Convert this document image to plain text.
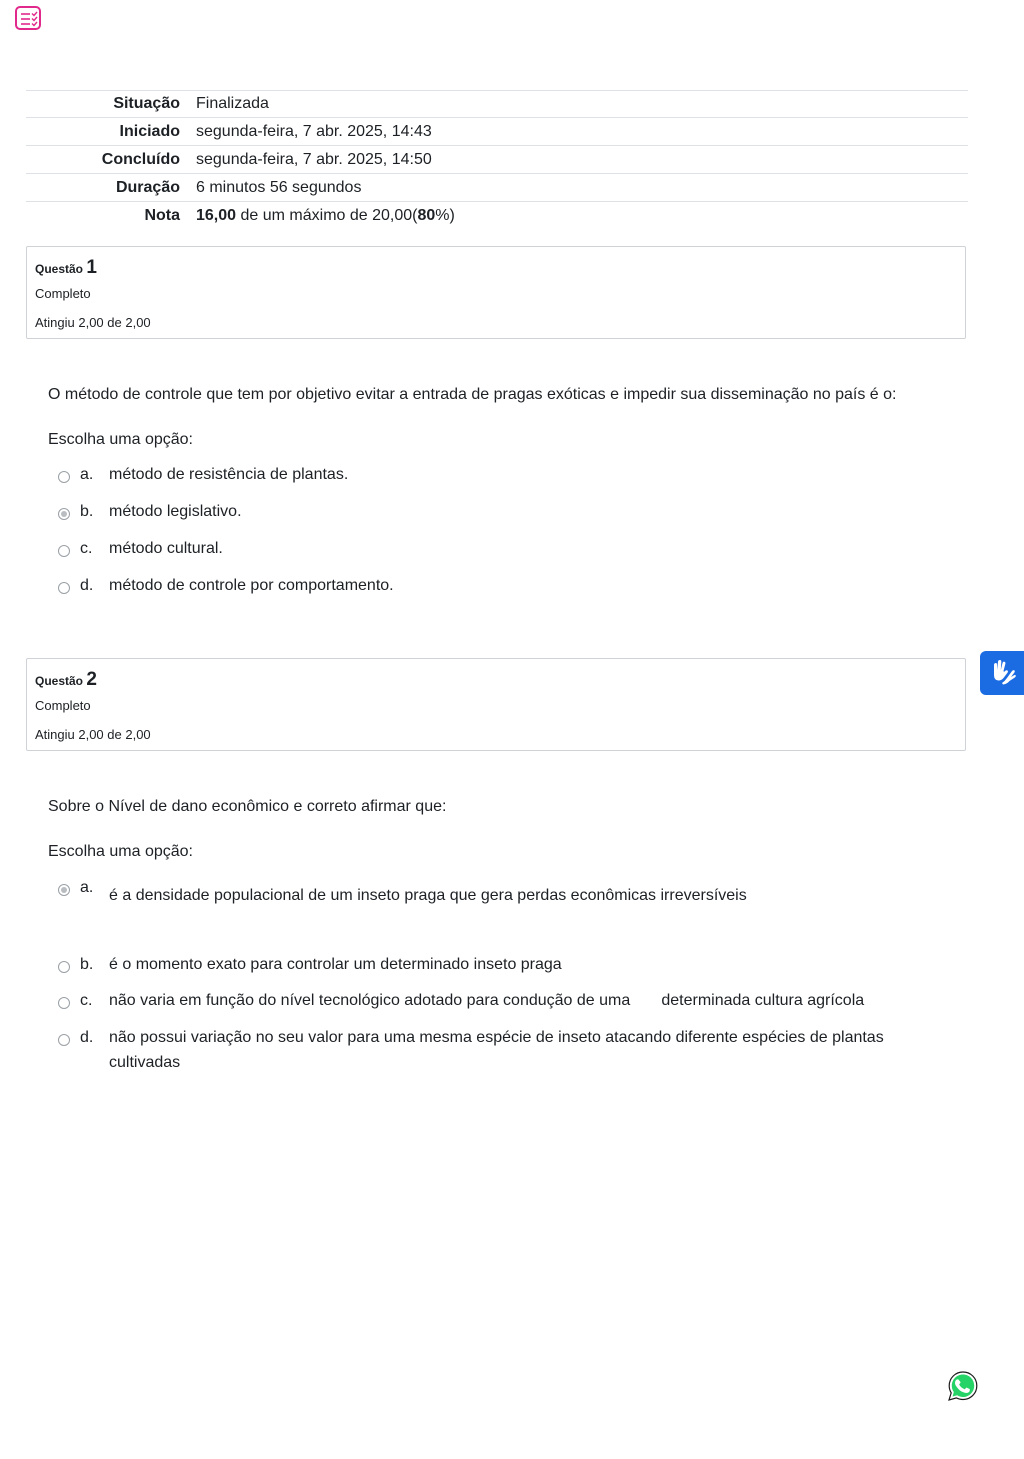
Situação	Finalizada
Iniciado	segunda-feira, 7 abr. 2025, 14:43
Concluído	segunda-feira, 7 abr. 2025, 14:50
Duração	6 minutos 56 segundos
Nota	16,00 de um máximo de 20,00(80%)
Questão 1
Completo
Atingiu 2,00 de 2,00
O método de controle que tem por objetivo evitar a entrada de pragas exóticas e impedir sua disseminação no país é o:
Escolha uma opção:
a. método de resistência de plantas.
b. método legislativo.
c. método cultural.
d. método de controle por comportamento.
Questão 2
Completo
Atingiu 2,00 de 2,00
Sobre o Nível de dano econômico e correto afirmar que:
Escolha uma opção:
a. é a densidade populacional de um inseto praga que gera perdas econômicas irreversíveis
b. é o momento exato para controlar um determinado inseto praga
c. não varia em função do nível tecnológico adotado para condução de uma       determinada cultura agrícola
d. não possui variação no seu valor para uma mesma espécie de inseto atacando diferente espécies de plantas cultivadas
